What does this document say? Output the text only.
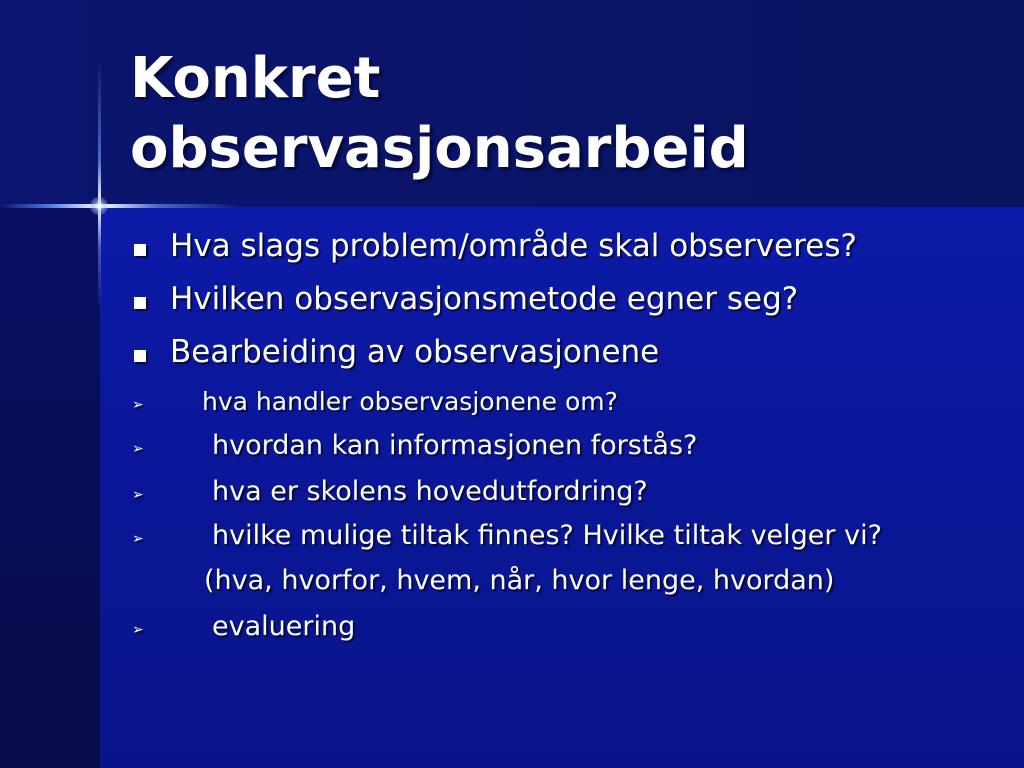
Konkret
observasjonsarbeid
Hva slags problem/område skal observeres?
Hvilken observasjonsmetode egner seg?
Bearbeiding av observasjonene
➢ hva handler observasjonene om?
➢	hvordan kan informasjonen forstås?
➢	hva er skolens hovedutfordring?
➢	hvilke mulige tiltak finnes? Hvilke tiltak velger vi?
(hva, hvorfor, hvem, når, hvor lenge, hvordan)
➢	evaluering
